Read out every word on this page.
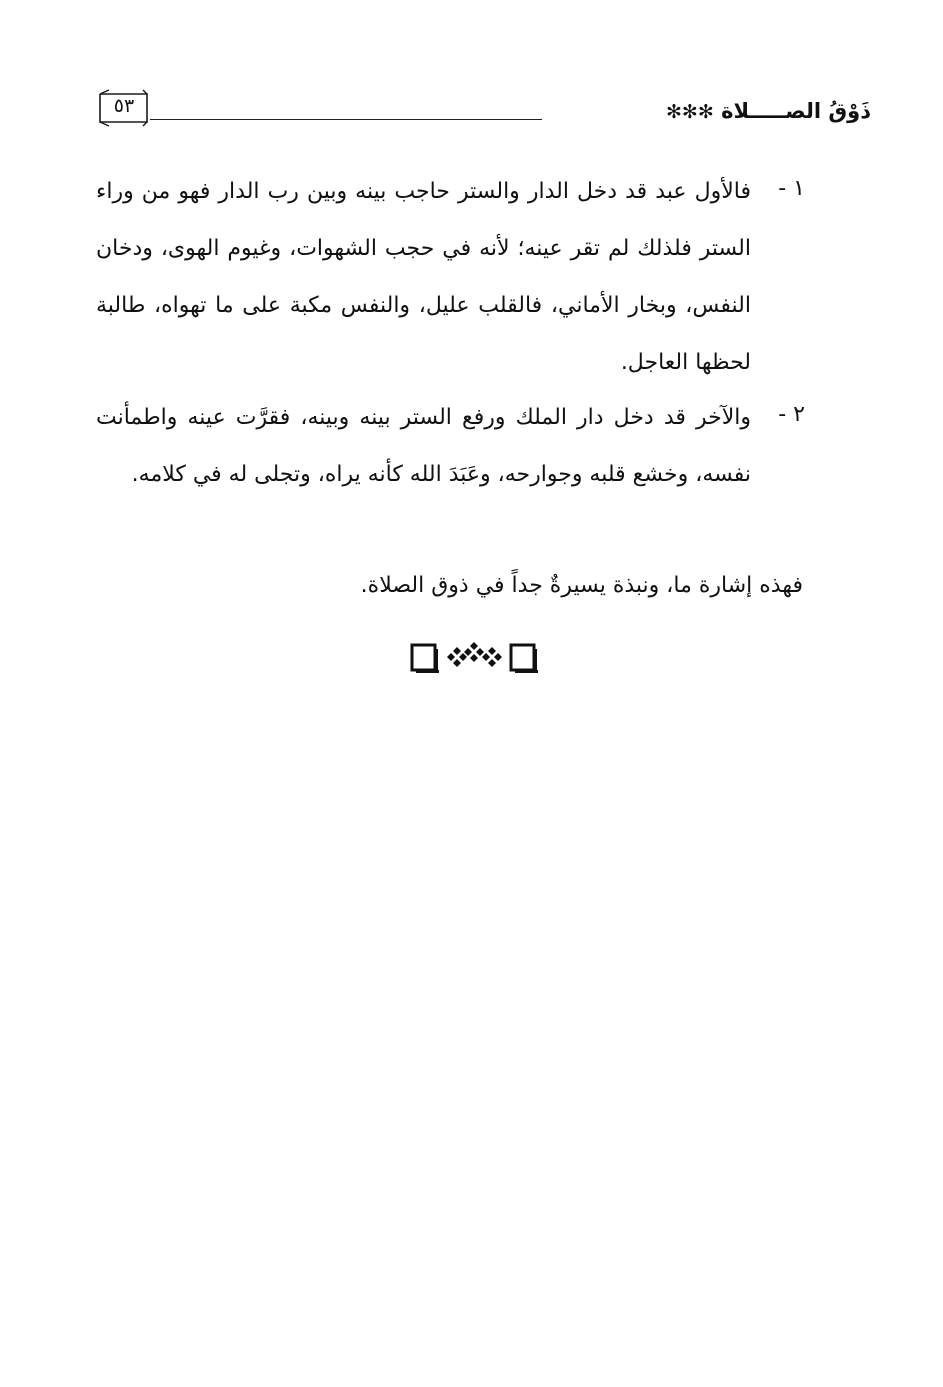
ذَوْقُ الصـــــلاة ✻✻✻
٥٣
١ -
فالأول عبد قد دخل الدار والستر حاجب بينه وبين رب الدار فهو من وراء الستر فلذلك لم تقر عينه؛ لأنه في حجب الشهوات، وغيوم الهوى، ودخان النفس، وبخار الأماني، فالقلب عليل، والنفس مكبة على ما تهواه، طالبة لحظها العاجل.
٢ -
والآخر قد دخل دار الملك ورفع الستر بينه وبينه، فقرَّت عينه واطمأنت نفسه، وخشع قلبه وجوارحه، وعَبَدَ الله كأنه يراه، وتجلى له في كلامه.
فهذه إشارة ما، ونبذة يسيرةٌ جداً في ذوق الصلاة.
